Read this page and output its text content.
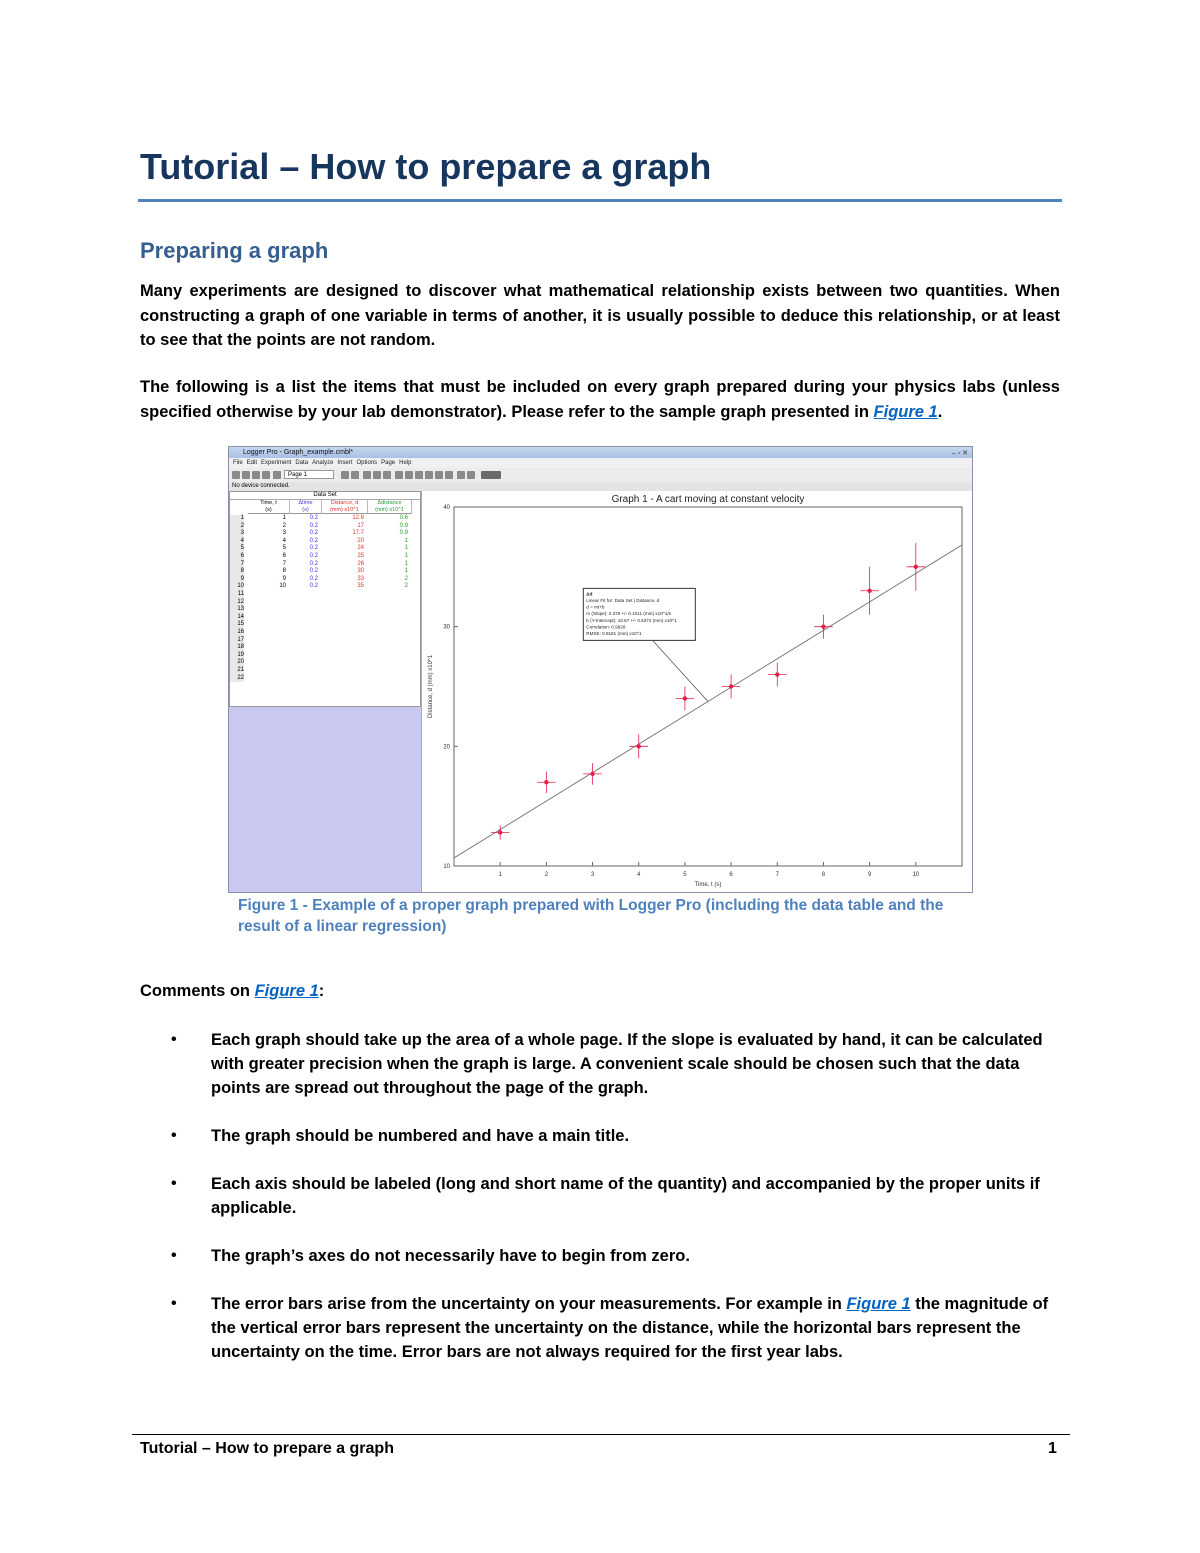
Tutorial – How to prepare a graph
Preparing a graph

Many experiments are designed to discover what mathematical relationship exists between two quantities. When constructing a graph of one variable in terms of another, it is usually possible to deduce this relationship, or at least to see that the points are not random.

The following is a list the items that must be included on every graph prepared during your physics labs (unless specified otherwise by your lab demonstrator). Please refer to the sample graph presented in Figure 1.

Logger Pro - Graph_example.cmbl*	– ▫ ✕
File Edit Experiment Data Analyze Insert Options Page Help
Page 1
No device connected.
Data Set
Time, t
(s)
Δtime
(s)
Distance, d
(mm) x10^1
Δdistance
(mm) x10^1
1	1	0.2	12.8	0.6
2	2	0.2	17	0.9
3	3	0.2	17.7	0.9
4	4	0.2	20	1
5	5	0.2	24	1
6	6	0.2	25	1
7	7	0.2	26	1
8	8	0.2	30	1
9	9	0.2	33	2
10	10	0.2	35	2
11
12
13
14
15
16
17
18
19
20
21
22
Graph 1 - A cart moving at constant velocity
1	2	3	4	5	6	7	8	9	10
10
20
30
40
Time, t (s)
Distance, d (mm) x10^1
Δd
Linear Fit for: Data Set | Distance, d
d = mt+b
m (Slope): 2.378 +/- 0.1011 (mm) x10^1/s
b (Y-Intercept): 10.67 +/- 0.6272 (mm) x10^1
Correlation: 0.9928
RMSE: 0.9181 (mm) x10^1
Figure 1 - Example of a proper graph prepared with Logger Pro (including the data table and the result of a linear regression)
Comments on Figure 1:
• Each graph should take up the area of a whole page. If the slope is evaluated by hand, it can be calculated with greater precision when the graph is large. A convenient scale should be chosen such that the data points are spread out throughout the page of the graph.
• The graph should be numbered and have a main title.
• Each axis should be labeled (long and short name of the quantity) and accompanied by the proper units if applicable.
• The graph’s axes do not necessarily have to begin from zero.
• The error bars arise from the uncertainty on your measurements. For example in Figure 1 the magnitude of the vertical error bars represent the uncertainty on the distance, while the horizontal bars represent the uncertainty on the time. Error bars are not always required for the first year labs.
Tutorial – How to prepare a graph	1
